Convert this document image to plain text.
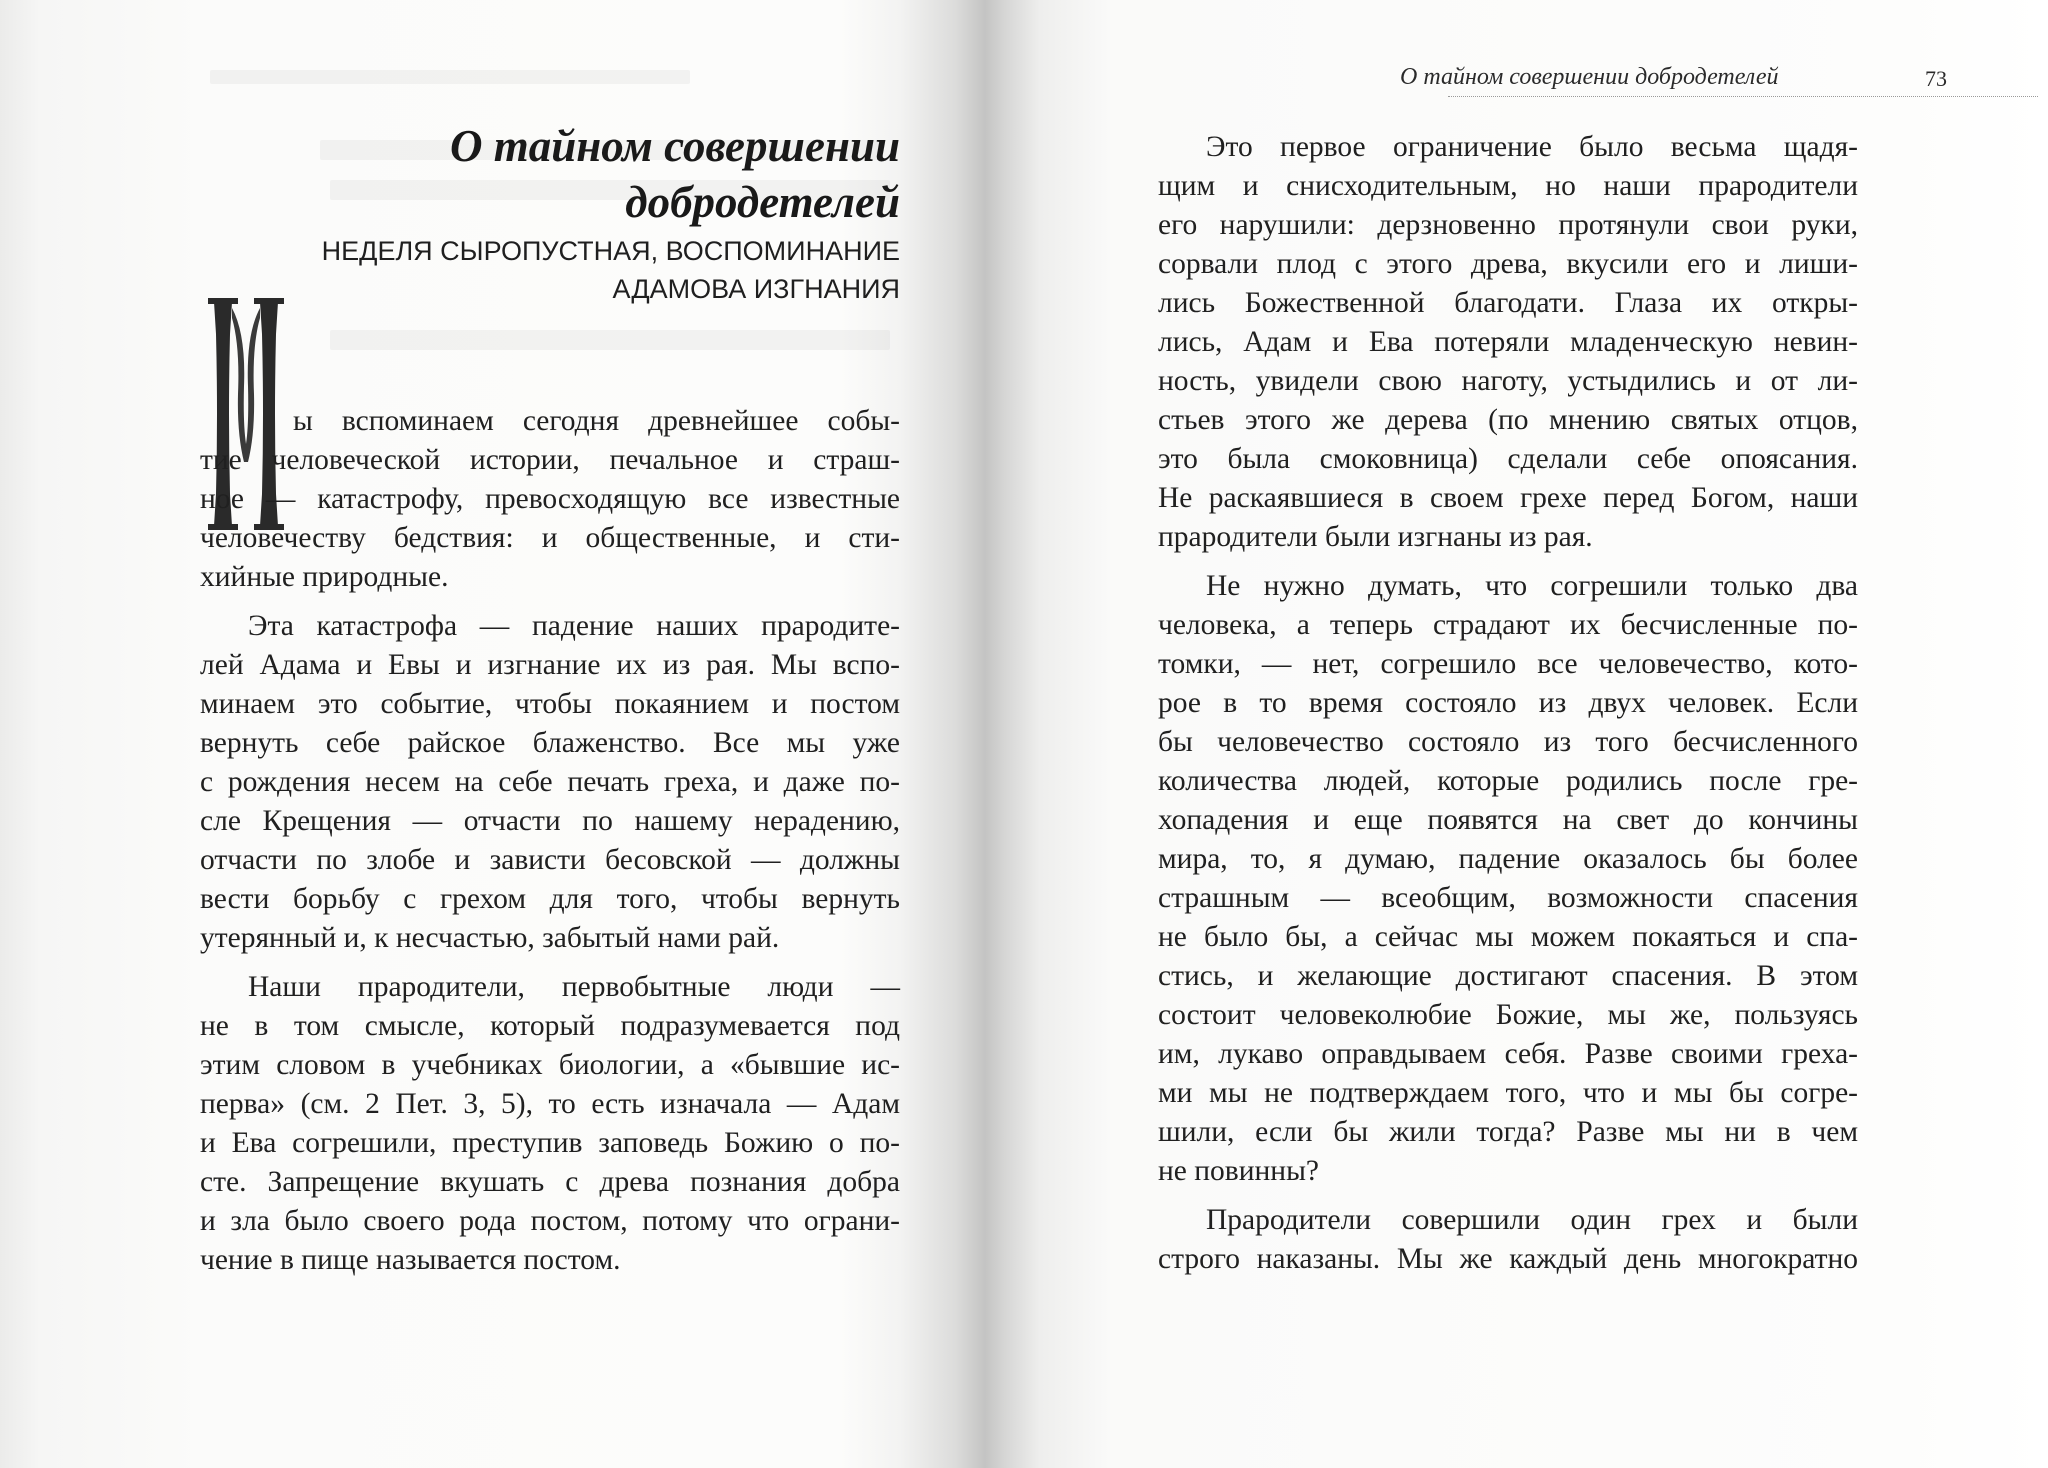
О тайном совершении
добродетелей
НЕДЕЛЯ СЫРОПУСТНАЯ, ВОСПОМИНАНИЕ
АДАМОВА ИЗГНАНИЯ
ы вспоминаем сегодня древнейшее собы-
тие человеческой истории, печальное и страш-
ное — катастрофу, превосходящую все известные
человечеству бедствия: и общественные, и сти-
хийные природные.
Эта катастрофа — падение наших прародите-
лей Адама и Евы и изгнание их из рая. Мы вспо-
минаем это событие, чтобы покаянием и постом
вернуть себе райское блаженство. Все мы уже
с рождения несем на себе печать греха, и даже по-
сле Крещения — отчасти по нашему нерадению,
отчасти по злобе и зависти бесовской — должны
вести борьбу с грехом для того, чтобы вернуть
утерянный и, к несчастью, забытый нами рай.
Наши прародители, первобытные люди —
не в том смысле, который подразумевается под
этим словом в учебниках биологии, а «бывшие ис-
перва» (см. 2 Пет. 3, 5), то есть изначала — Адам
и Ева согрешили, преступив заповедь Божию о по-
сте. Запрещение вкушать с древа познания добра
и зла было своего рода постом, потому что ограни-
чение в пище называется постом.
О тайном совершении добродетелей	73
Это первое ограничение было весьма щадя-
щим и снисходительным, но наши прародители
его нарушили: дерзновенно протянули свои руки,
сорвали плод с этого древа, вкусили его и лиши-
лись Божественной благодати. Глаза их откры-
лись, Адам и Ева потеряли младенческую невин-
ность, увидели свою наготу, устыдились и от ли-
стьев этого же дерева (по мнению святых отцов,
это была смоковница) сделали себе опоясания.
Не раскаявшиеся в своем грехе перед Богом, наши
прародители были изгнаны из рая.
Не нужно думать, что согрешили только два
человека, а теперь страдают их бесчисленные по-
томки, — нет, согрешило все человечество, кото-
рое в то время состояло из двух человек. Если
бы человечество состояло из того бесчисленного
количества людей, которые родились после гре-
хопадения и еще появятся на свет до кончины
мира, то, я думаю, падение оказалось бы более
страшным — всеобщим, возможности спасения
не было бы, а сейчас мы можем покаяться и спа-
стись, и желающие достигают спасения. В этом
состоит человеколюбие Божие, мы же, пользуясь
им, лукаво оправдываем себя. Разве своими греха-
ми мы не подтверждаем того, что и мы бы согре-
шили, если бы жили тогда? Разве мы ни в чем
не повинны?
Прародители совершили один грех и были
строго наказаны. Мы же каждый день многократно
